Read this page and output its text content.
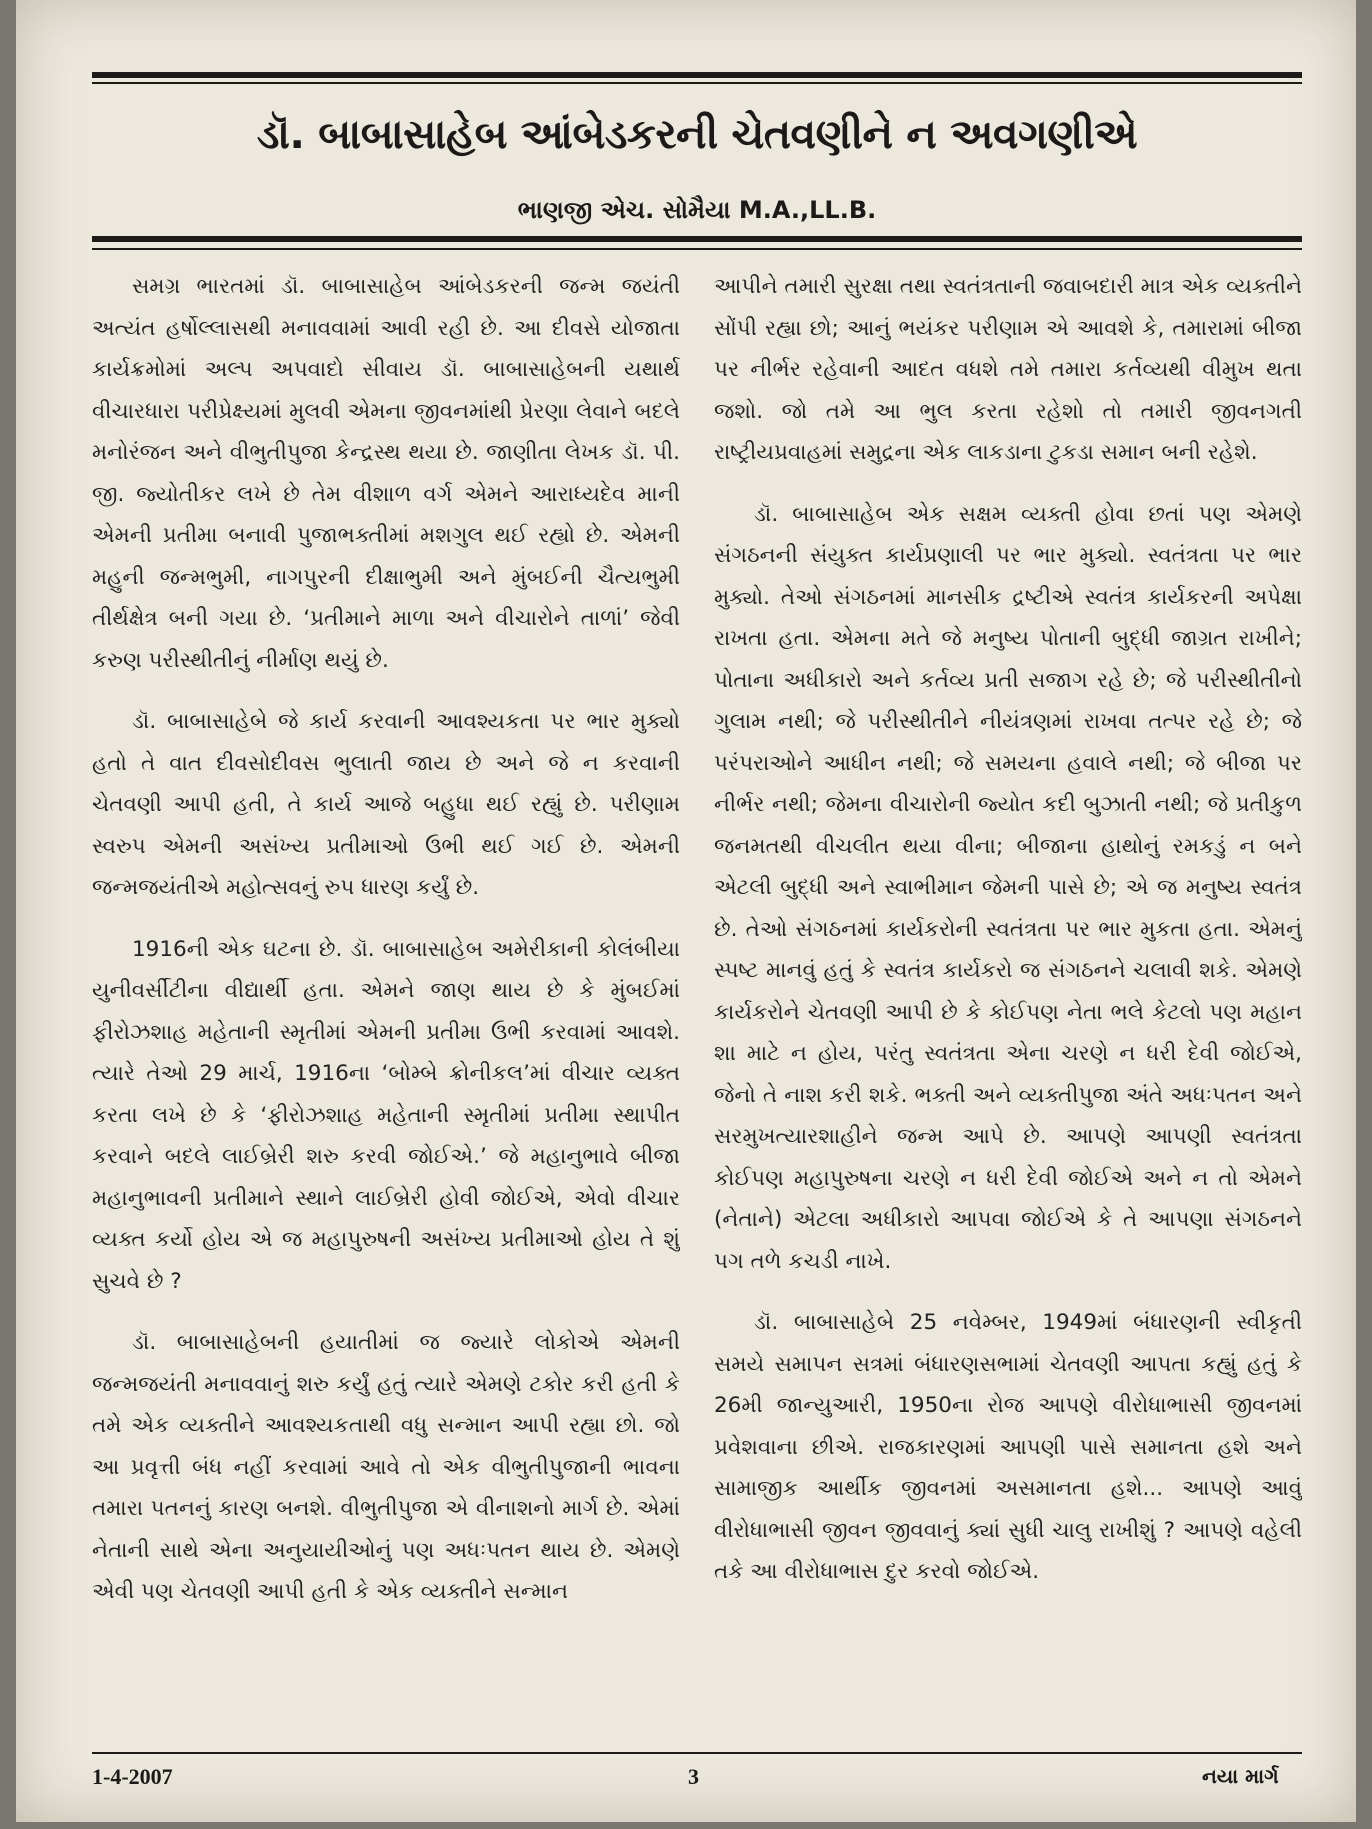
ડૉ. બાબાસાહેબ આંબેડકરની ચેતવણીને ન અવગણીએ

ભાણજી એચ. સોમૈયા M.A.,LL.B.

સમગ્ર ભારતમાં ડૉ. બાબાસાહેબ આંબેડકરની જન્મ જયંતી અત્યંત હર્ષોલ્લાસથી મનાવવામાં આવી રહી છે. આ દીવસે યોજાતા કાર્યક્રમોમાં અલ્પ અપવાદો સીવાય ડૉ. બાબાસાહેબની યથાર્થ વીચારધારા પરીપ્રેક્ષ્યમાં મુલવી એમના જીવનમાંથી પ્રેરણા લેવાને બદલે મનોરંજન અને વીભુતીપુજા કેન્દ્રસ્થ થયા છે. જાણીતા લેખક ડૉ. પી. જી. જ્યોતીકર લખે છે તેમ વીશાળ વર્ગ એમને આરાધ્યદેવ માની એમની પ્રતીમા બનાવી પુજાભક્તીમાં મશગુલ થઈ રહ્યો છે. એમની મહુની જન્મભુમી, નાગપુરની દીક્ષાભુમી અને મુંબઈની ચૈત્યભુમી તીર્થક્ષેત્ર બની ગયા છે. ‘પ્રતીમાને માળા અને વીચારોને તાળાં’ જેવી કરુણ પરીસ્થીતીનું નીર્માણ થયું છે.

ડૉ. બાબાસાહેબે જે કાર્ય કરવાની આવશ્યકતા પર ભાર મુક્યો હતો તે વાત દીવસોદીવસ ભુલાતી જાય છે અને જે ન કરવાની ચેતવણી આપી હતી, તે કાર્ય આજે બહુધા થઈ રહ્યું છે. પરીણામ સ્વરુપ એમની અસંખ્ય પ્રતીમાઓ ઉભી થઈ ગઈ છે. એમની જન્મજયંતીએ મહોત્સવનું રુપ ધારણ કર્યું છે.

1916ની એક ઘટના છે. ડૉ. બાબાસાહેબ અમેરીકાની કોલંબીયા યુનીવર્સીટીના વીદ્યાર્થી હતા. એમને જાણ થાય છે કે મુંબઈમાં ફીરોઝશાહ મહેતાની સ્મૃતીમાં એમની પ્રતીમા ઉભી કરવામાં આવશે. ત્યારે તેઓ 29 માર્ચ, 1916ના ‘બોમ્બે ક્રોનીકલ’માં વીચાર વ્યક્ત કરતા લખે છે કે ‘ફીરોઝશાહ મહેતાની સ્મૃતીમાં પ્રતીમા સ્થાપીત કરવાને બદલે લાઈબ્રેરી શરુ કરવી જોઈએ.’ જે મહાનુભાવે બીજા મહાનુભાવની પ્રતીમાને સ્થાને લાઈબ્રેરી હોવી જોઈએ, એવો વીચાર વ્યક્ત કર્યો હોય એ જ મહાપુરુષની અસંખ્ય પ્રતીમાઓ હોય તે શું સુચવે છે ?

ડૉ. બાબાસાહેબની હયાતીમાં જ જ્યારે લોકોએ એમની જન્મજયંતી મનાવવાનું શરુ કર્યું હતું ત્યારે એમણે ટકોર કરી હતી કે તમે એક વ્યક્તીને આવશ્યકતાથી વધુ સન્માન આપી રહ્યા છો. જો આ પ્રવૃત્તી બંધ નહીં કરવામાં આવે તો એક વીભુતીપુજાની ભાવના તમારા પતનનું કારણ બનશે. વીભુતીપુજા એ વીનાશનો માર્ગ છે. એમાં નેતાની સાથે એના અનુયાયીઓનું પણ અધઃપતન થાય છે. એમણે એવી પણ ચેતવણી આપી હતી કે એક વ્યક્તીને સન્માન

આપીને તમારી સુરક્ષા તથા સ્વતંત્રતાની જવાબદારી માત્ર એક વ્યક્તીને સોંપી રહ્યા છો; આનું ભયંકર પરીણામ એ આવશે કે, તમારામાં બીજા પર નીર્ભર રહેવાની આદત વધશે તમે તમારા કર્તવ્યથી વીમુખ થતા જશો. જો તમે આ ભુલ કરતા રહેશો તો તમારી જીવનગતી રાષ્ટ્રીયપ્રવાહમાં સમુદ્રના એક લાકડાના ટુકડા સમાન બની રહેશે.

ડૉ. બાબાસાહેબ એક સક્ષમ વ્યક્તી હોવા છતાં પણ એમણે સંગઠનની સંયુક્ત કાર્યપ્રણાલી પર ભાર મુક્યો. સ્વતંત્રતા પર ભાર મુક્યો. તેઓ સંગઠનમાં માનસીક દ્રષ્ટીએ સ્વતંત્ર કાર્યકરની અપેક્ષા રાખતા હતા. એમના મતે જે મનુષ્ય પોતાની બુદ્ધી જાગ્રત રાખીને; પોતાના અધીકારો અને કર્તવ્ય પ્રતી સજાગ રહે છે; જે પરીસ્થીતીનો ગુલામ નથી; જે પરીસ્થીતીને નીયંત્રણમાં રાખવા તત્પર રહે છે; જે પરંપરાઓને આધીન નથી; જે સમયના હવાલે નથી; જે બીજા પર નીર્ભર નથી; જેમના વીચારોની જ્યોત કદી બુઝાતી નથી; જે પ્રતીકુળ જનમતથી વીચલીત થયા વીના; બીજાના હાથોનું રમકડું ન બને એટલી બુદ્ધી અને સ્વાભીમાન જેમની પાસે છે; એ જ મનુષ્ય સ્વતંત્ર છે. તેઓ સંગઠનમાં કાર્યકરોની સ્વતંત્રતા પર ભાર મુકતા હતા. એમનું સ્પષ્ટ માનવું હતું કે સ્વતંત્ર કાર્યકરો જ સંગઠનને ચલાવી શકે. એમણે કાર્યકરોને ચેતવણી આપી છે કે કોઈપણ નેતા ભલે કેટલો પણ મહાન શા માટે ન હોય, પરંતુ સ્વતંત્રતા એના ચરણે ન ધરી દેવી જોઈએ, જેનો તે નાશ કરી શકે. ભક્તી અને વ્યક્તીપુજા અંતે અધઃપતન અને સરમુખત્યારશાહીને જન્મ આપે છે. આપણે આપણી સ્વતંત્રતા કોઈપણ મહાપુરુષના ચરણે ન ધરી દેવી જોઈએ અને ન તો એમને (નેતાને) એટલા અધીકારો આપવા જોઈએ કે તે આપણા સંગઠનને પગ તળે કચડી નાખે.

ડૉ. બાબાસાહેબે 25 નવેમ્બર, 1949માં બંધારણની સ્વીકૃતી સમયે સમાપન સત્રમાં બંધારણસભામાં ચેતવણી આપતા કહ્યું હતું કે 26મી જાન્યુઆરી, 1950ના રોજ આપણે વીરોધાભાસી જીવનમાં પ્રવેશવાના છીએ. રાજકારણમાં આપણી પાસે સમાનતા હશે અને સામાજીક આર્થીક જીવનમાં અસમાનતા હશે... આપણે આવું વીરોધાભાસી જીવન જીવવાનું ક્યાં સુધી ચાલુ રાખીશું ? આપણે વહેલી તકે આ વીરોધાભાસ દુર કરવો જોઈએ.

1-4-2007	3	નયા માર્ગ
